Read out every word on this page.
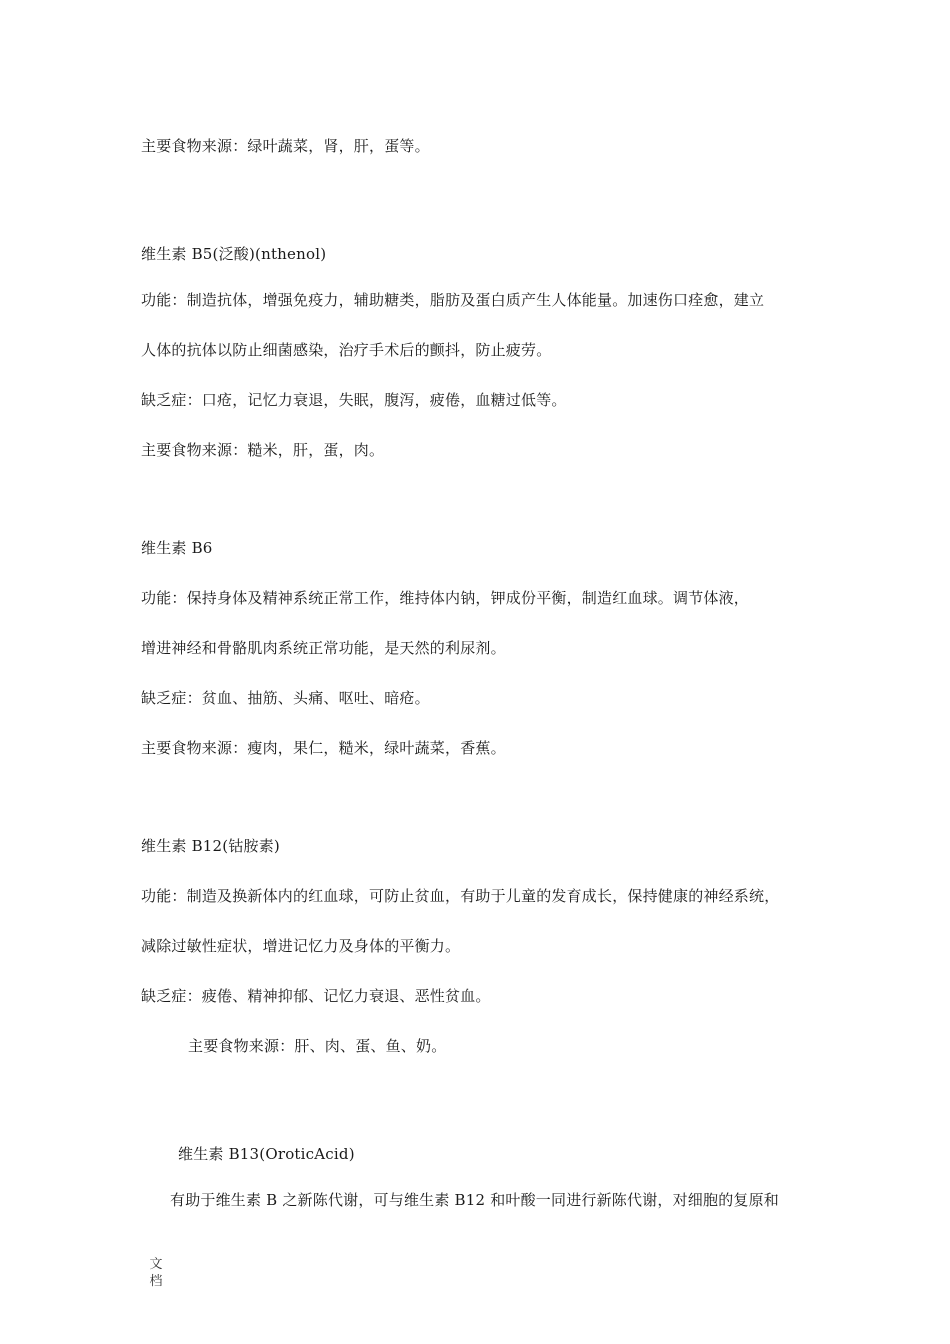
主要食物来源：绿叶蔬菜，肾，肝，蛋等。
维生素 B5(泛酸)(nthenol)
功能：制造抗体，增强免疫力，辅助糖类，脂肪及蛋白质产生人体能量。加速伤口痊愈，建立
人体的抗体以防止细菌感染，治疗手术后的颤抖，防止疲劳。
缺乏症：口疮，记忆力衰退，失眠，腹泻，疲倦，血糖过低等。
主要食物来源：糙米，肝，蛋，肉。
维生素 B6
功能：保持身体及精神系统正常工作，维持体内钠，钾成份平衡，制造红血球。调节体液，
增进神经和骨骼肌肉系统正常功能，是天然的利尿剂。
缺乏症：贫血、抽筋、头痛、呕吐、暗疮。
主要食物来源：瘦肉，果仁，糙米，绿叶蔬菜，香蕉。
维生素 B12(钴胺素)
功能：制造及换新体内的红血球，可防止贫血，有助于儿童的发育成长，保持健康的神经系统，
减除过敏性症状，增进记忆力及身体的平衡力。
缺乏症：疲倦、精神抑郁、记忆力衰退、恶性贫血。
主要食物来源：肝、肉、蛋、鱼、奶。
维生素 B13(OroticAcid)
有助于维生素 B 之新陈代谢，可与维生素 B12 和叶酸一同进行新陈代谢，对细胞的复原和
文档
